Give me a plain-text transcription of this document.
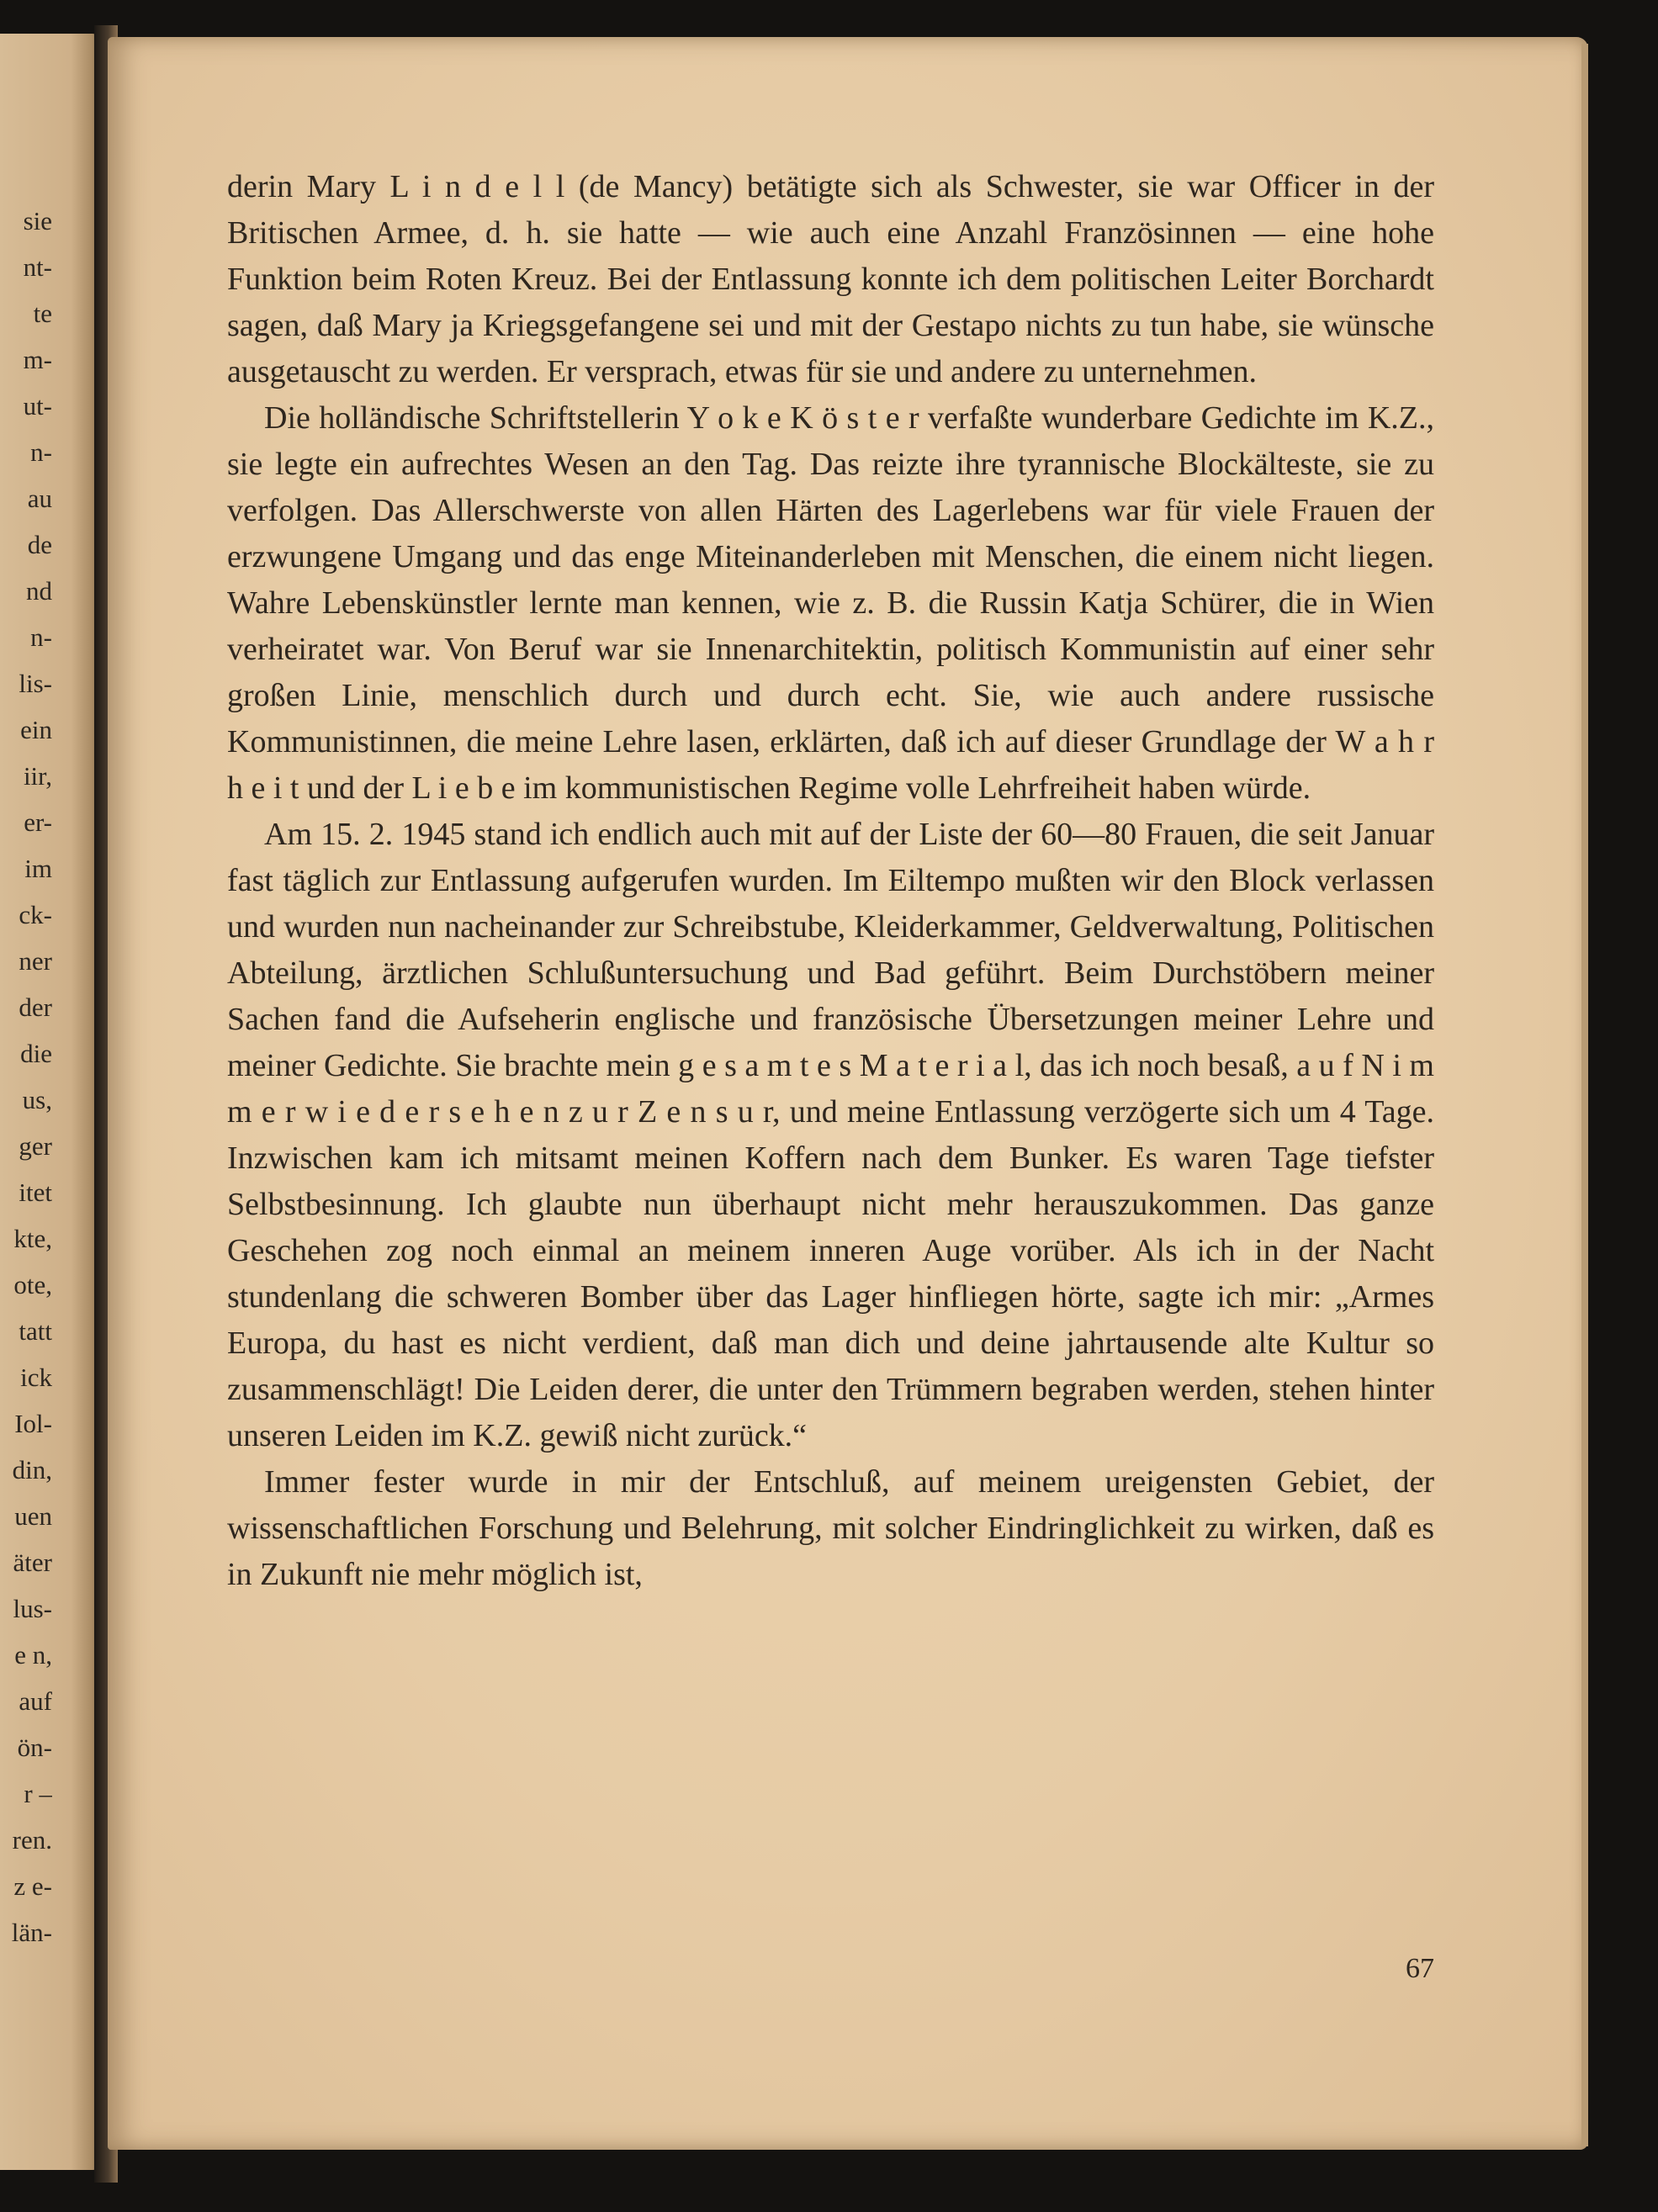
sie
nt-
te
m-
ut-
n-
au
de
nd
n-
lis-
ein
iir,
er-
im
ck-
ner
der
die
us,
ger
itet
kte,
ote,
tatt
ick
Iol-
din,
uen
äter
lus-
e n,
auf
ön-
r –
ren.
z e-
län-

derin Mary L i n d e l l (de Mancy) betätigte sich als Schwester, sie war Officer in der Britischen Armee, d. h. sie hatte — wie auch eine Anzahl Französinnen — eine hohe Funktion beim Roten Kreuz. Bei der Entlassung konnte ich dem politischen Leiter Borchardt sagen, daß Mary ja Kriegsgefangene sei und mit der Gestapo nichts zu tun habe, sie wünsche ausgetauscht zu werden. Er versprach, etwas für sie und andere zu unternehmen.

Die holländische Schriftstellerin Y o k e K ö s t e r verfaßte wunderbare Gedichte im K.Z., sie legte ein aufrechtes Wesen an den Tag. Das reizte ihre tyrannische Blockälteste, sie zu verfolgen. Das Allerschwerste von allen Härten des Lagerlebens war für viele Frauen der erzwungene Umgang und das enge Miteinanderleben mit Menschen, die einem nicht liegen. Wahre Lebenskünstler lernte man kennen, wie z. B. die Russin Katja Schürer, die in Wien verheiratet war. Von Beruf war sie Innenarchitektin, politisch Kommunistin auf einer sehr großen Linie, menschlich durch und durch echt. Sie, wie auch andere russische Kommunistinnen, die meine Lehre lasen, erklärten, daß ich auf dieser Grundlage der W a h r h e i t und der L i e b e im kommunistischen Regime volle Lehrfreiheit haben würde.

Am 15. 2. 1945 stand ich endlich auch mit auf der Liste der 60—80 Frauen, die seit Januar fast täglich zur Entlassung aufgerufen wurden. Im Eiltempo mußten wir den Block verlassen und wurden nun nacheinander zur Schreibstube, Kleiderkammer, Geldverwaltung, Politischen Abteilung, ärztlichen Schlußuntersuchung und Bad geführt. Beim Durchstöbern meiner Sachen fand die Aufseherin englische und französische Übersetzungen meiner Lehre und meiner Gedichte. Sie brachte mein g e s a m t e s M a t e r i a l, das ich noch besaß, a u f N i m m e r w i e d e r s e h e n z u r Z e n s u r, und meine Entlassung verzögerte sich um 4 Tage. Inzwischen kam ich mitsamt meinen Koffern nach dem Bunker. Es waren Tage tiefster Selbstbesinnung. Ich glaubte nun überhaupt nicht mehr herauszukommen. Das ganze Geschehen zog noch einmal an meinem inneren Auge vorüber. Als ich in der Nacht stundenlang die schweren Bomber über das Lager hinfliegen hörte, sagte ich mir: „Armes Europa, du hast es nicht verdient, daß man dich und deine jahrtausende alte Kultur so zusammenschlägt! Die Leiden derer, die unter den Trümmern begraben werden, stehen hinter unseren Leiden im K.Z. gewiß nicht zurück.“

Immer fester wurde in mir der Entschluß, auf meinem ureigensten Gebiet, der wissenschaftlichen Forschung und Belehrung, mit solcher Eindringlichkeit zu wirken, daß es in Zukunft nie mehr möglich ist,

67
